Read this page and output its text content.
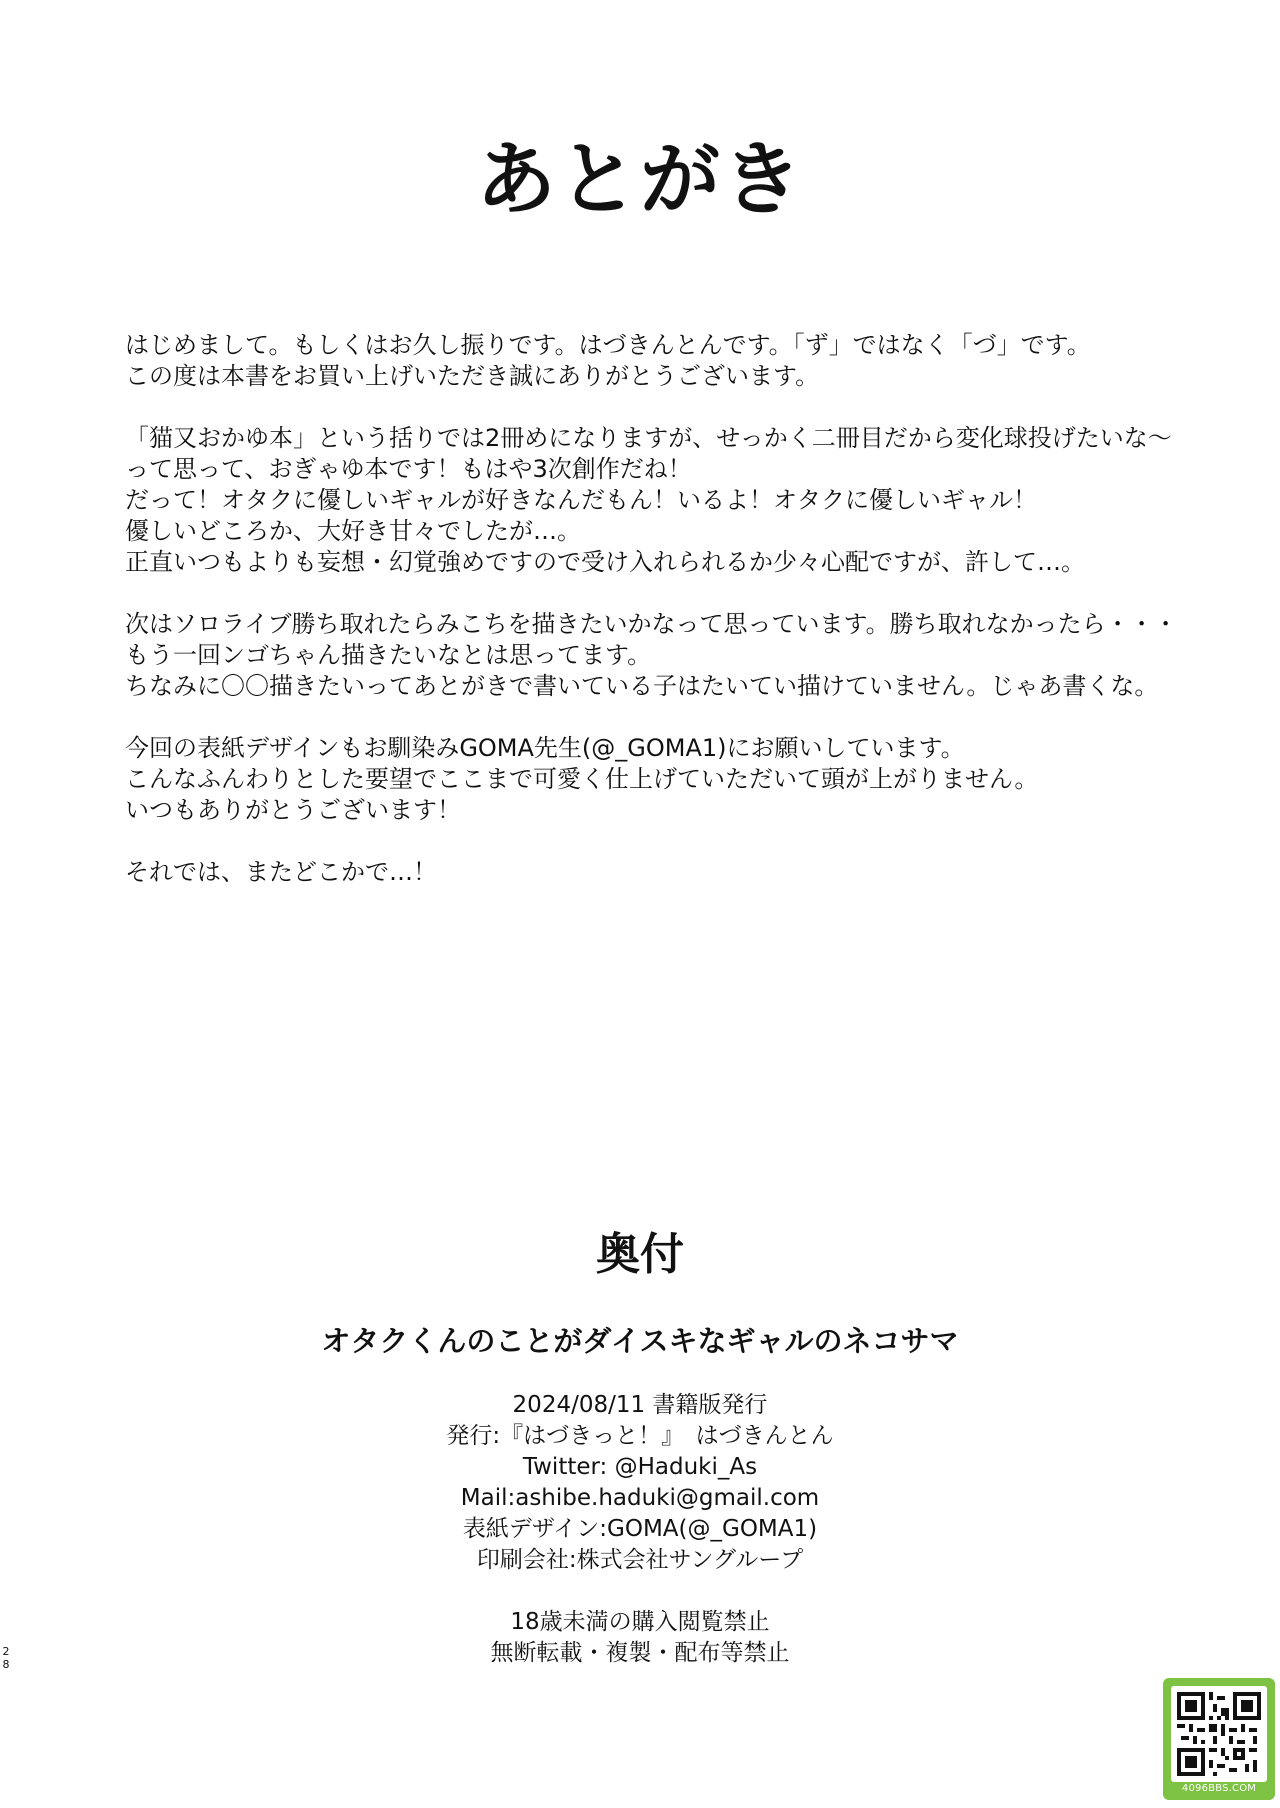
あとがき
はじめまして。もしくはお久し振りです。はづきんとんです。「ず」ではなく「づ」です。
この度は本書をお買い上げいただき誠にありがとうございます。
「猫又おかゆ本」という括りでは2冊めになりますが、せっかく二冊目だから変化球投げたいな～
って思って、おぎゃゆ本です！もはや3次創作だね！
だって！オタクに優しいギャルが好きなんだもん！いるよ！オタクに優しいギャル！
優しいどころか、大好き甘々でしたが…。
正直いつもよりも妄想・幻覚強めですので受け入れられるか少々心配ですが、許して…。
次はソロライブ勝ち取れたらみこちを描きたいかなって思っています。勝ち取れなかったら・・・
もう一回ンゴちゃん描きたいなとは思ってます。
ちなみに〇〇描きたいってあとがきで書いている子はたいてい描けていません。じゃあ書くな。
今回の表紙デザインもお馴染みGOMA先生(@_GOMA1)にお願いしています。
こんなふんわりとした要望でここまで可愛く仕上げていただいて頭が上がりません。
いつもありがとうございます！
それでは、またどこかで…！
奥付
オタクくんのことがダイスキなギャルのネコサマ
2024/08/11 書籍版発行
発行:『はづきっと！』　はづきんとん
Twitter: @Haduki_As
Mail:ashibe.haduki@gmail.com
表紙デザイン:GOMA(@_GOMA1)
印刷会社:株式会社サングループ
18歳未満の購入閲覧禁止
無断転載・複製・配布等禁止
2
8
4096BBS.COM
